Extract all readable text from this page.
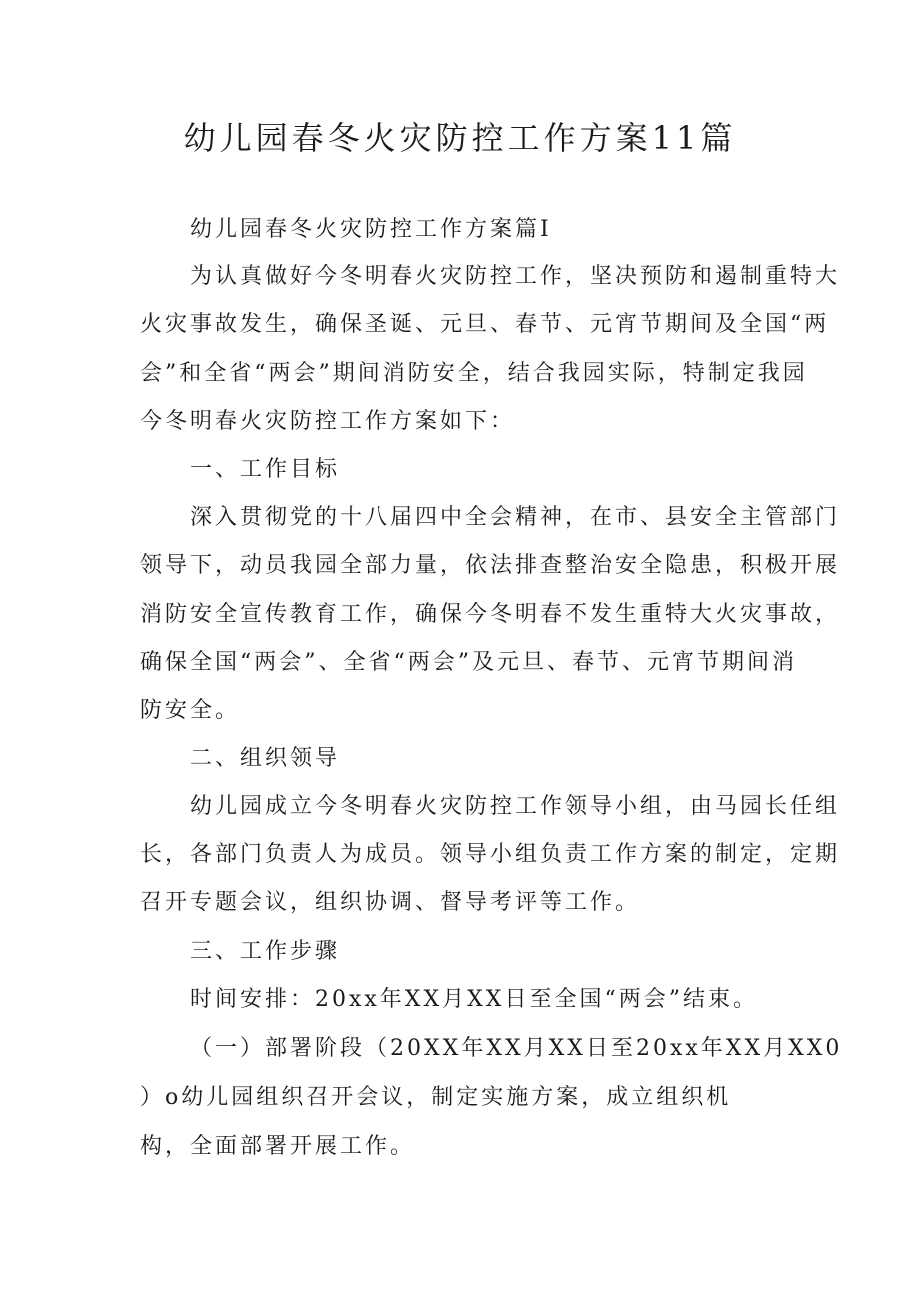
幼儿园春冬火灾防控工作方案11篇
幼儿园春冬火灾防控工作方案篇I
为认真做好今冬明春火灾防控工作，坚决预防和遏制重特大
火灾事故发生，确保圣诞、元旦、春节、元宵节期间及全国“两
会”和全省“两会”期间消防安全，结合我园实际，特制定我园
今冬明春火灾防控工作方案如下：
一、工作目标
深入贯彻党的十八届四中全会精神，在市、县安全主管部门
领导下，动员我园全部力量，依法排查整治安全隐患，积极开展
消防安全宣传教育工作，确保今冬明春不发生重特大火灾事故，
确保全国“两会”、全省“两会”及元旦、春节、元宵节期间消
防安全。
二、组织领导
幼儿园成立今冬明春火灾防控工作领导小组，由马园长任组
长，各部门负责人为成员。领导小组负责工作方案的制定，定期
召开专题会议，组织协调、督导考评等工作。
三、工作步骤
时间安排：20xx年XX月XX日至全国“两会”结束。
（一）部署阶段（20XX年XX月XX日至20xx年XX月XX0
）o幼儿园组织召开会议，制定实施方案，成立组织机
构，全面部署开展工作。
